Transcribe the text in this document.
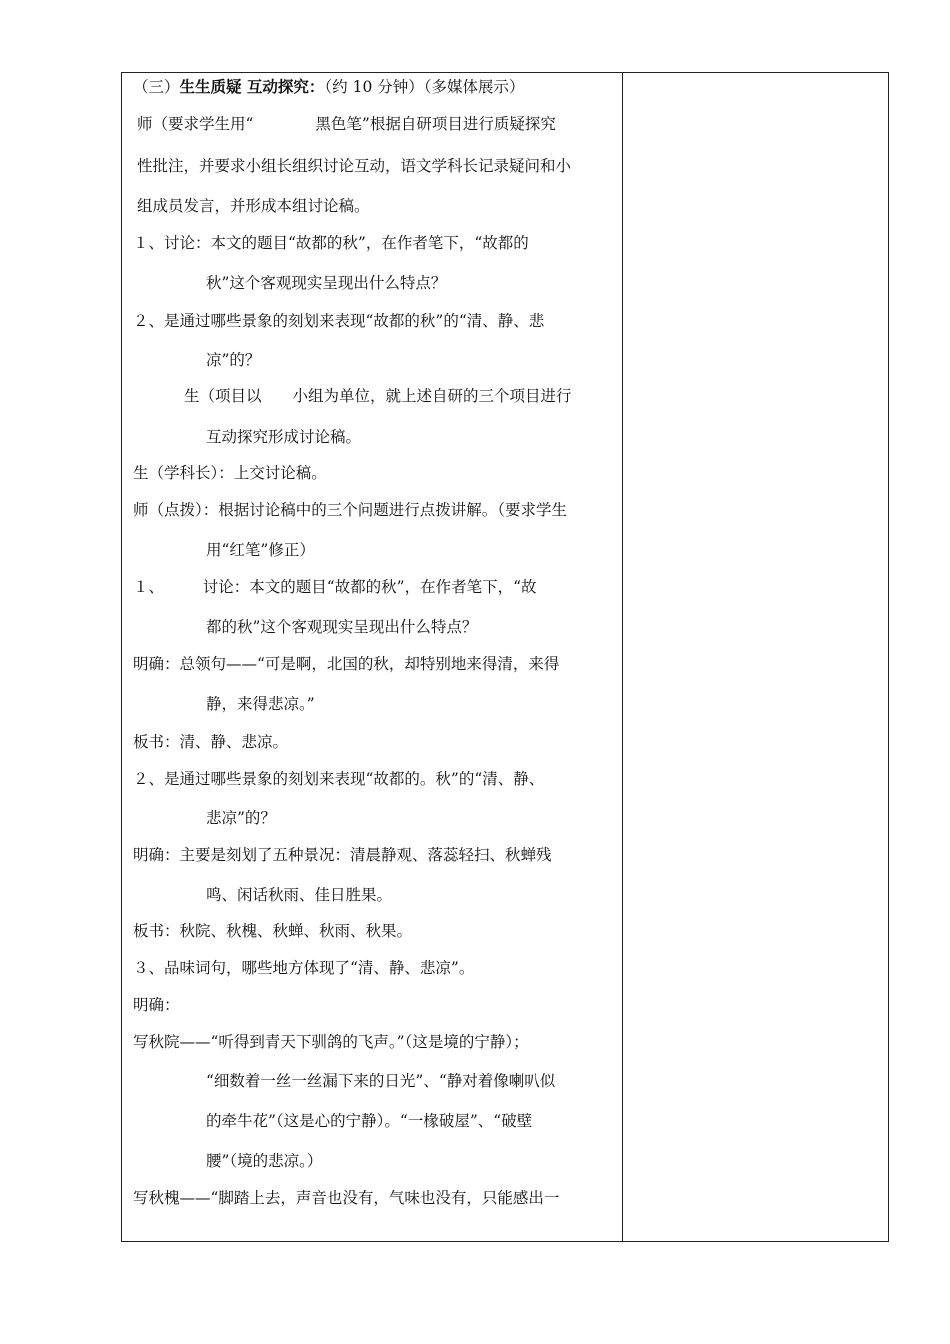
（三）生生质疑 互动探究：（约 10 分钟）（多媒体展示）
师（要求学生用“　　　　黑色笔”根据自研项目进行质疑探究
性批注，并要求小组长组织讨论互动，语文学科长记录疑问和小
组成员发言，并形成本组讨论稿。
１、讨论：本文的题目“故都的秋”，在作者笔下，“故都的
秋”这个客观现实呈现出什么特点？
２、是通过哪些景象的刻划来表现“故都的秋”的“清、静、悲
凉”的？
生（项目以　　小组为单位，就上述自研的三个项目进行
互动探究形成讨论稿。
生（学科长）：上交讨论稿。
师（点拨）：根据讨论稿中的三个问题进行点拨讲解。（要求学生
用“红笔”修正）
１、　　　讨论：本文的题目“故都的秋”，在作者笔下，“故
都的秋”这个客观现实呈现出什么特点？
明确：总领句——“可是啊，北国的秋，却特别地来得清，来得
静，来得悲凉。”
板书：清、静、悲凉。
２、是通过哪些景象的刻划来表现“故都的。秋”的“清、静、
悲凉”的？
明确：主要是刻划了五种景况：清晨静观、落蕊轻扫、秋蝉残
鸣、闲话秋雨、佳日胜果。
板书：秋院、秋槐、秋蝉、秋雨、秋果。
３、品味词句，哪些地方体现了“清、静、悲凉”。
明确：
写秋院——“听得到青天下驯鸽的飞声。”（这是境的宁静）；
“细数着一丝一丝漏下来的日光”、“静对着像喇叭似
的牵牛花”（这是心的宁静）。“一椽破屋”、“破壁
腰”（境的悲凉。）
写秋槐——“脚踏上去，声音也没有，气味也没有，只能感出一
